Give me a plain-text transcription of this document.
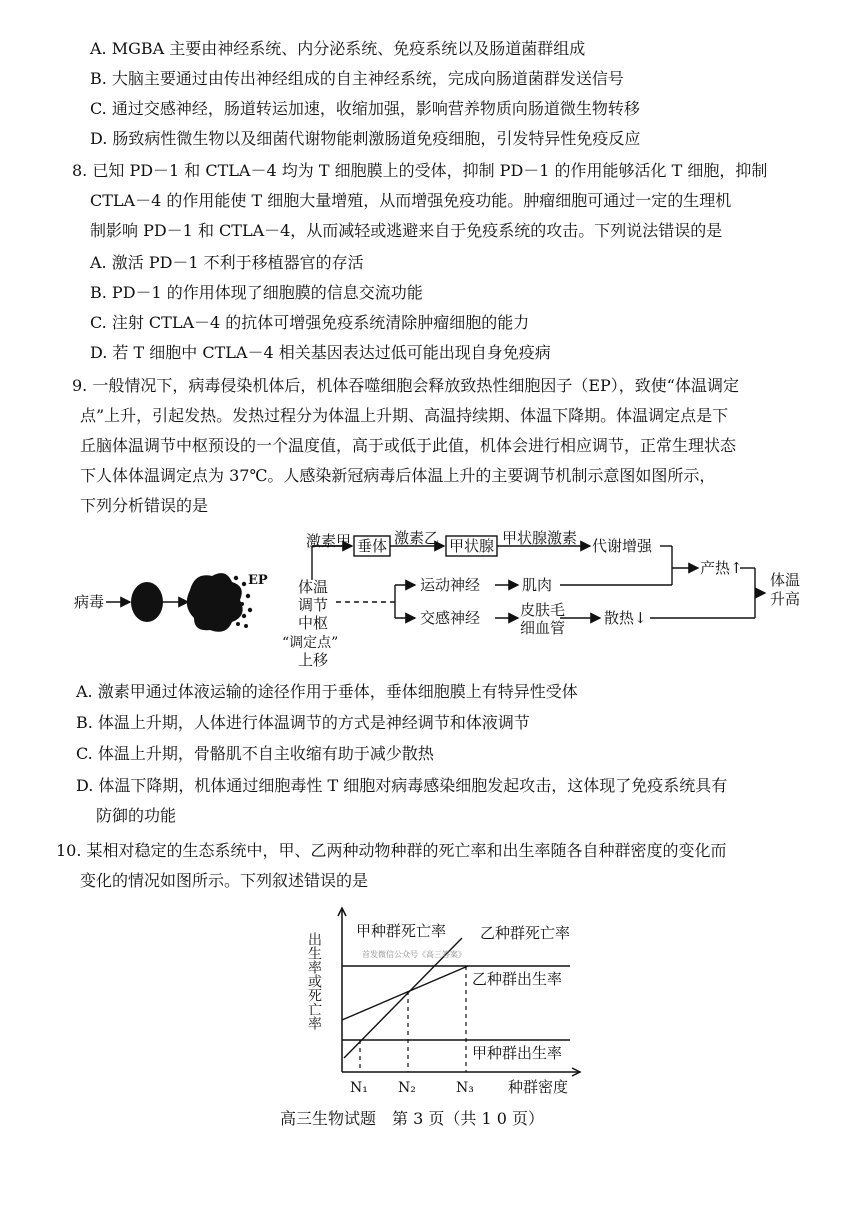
A. MGBA 主要由神经系统、内分泌系统、免疫系统以及肠道菌群组成
B. 大脑主要通过由传出神经组成的自主神经系统，完成向肠道菌群发送信号
C. 通过交感神经，肠道转运加速，收缩加强，影响营养物质向肠道微生物转移
D. 肠致病性微生物以及细菌代谢物能刺激肠道免疫细胞，引发特异性免疫反应
8. 已知 PD－1 和 CTLA－4 均为 T 细胞膜上的受体，抑制 PD－1 的作用能够活化 T 细胞，抑制
CTLA－4 的作用能使 T 细胞大量增殖，从而增强免疫功能。肿瘤细胞可通过一定的生理机
制影响 PD－1 和 CTLA－4，从而减轻或逃避来自于免疫系统的攻击。下列说法错误的是
A. 激活 PD－1 不利于移植器官的存活
B. PD－1 的作用体现了细胞膜的信息交流功能
C. 注射 CTLA－4 的抗体可增强免疫系统清除肿瘤细胞的能力
D. 若 T 细胞中 CTLA－4 相关基因表达过低可能出现自身免疫病
9. 一般情况下，病毒侵染机体后，机体吞噬细胞会释放致热性细胞因子（EP），致使“体温调定
点”上升，引起发热。发热过程分为体温上升期、高温持续期、体温下降期。体温调定点是下
丘脑体温调节中枢预设的一个温度值，高于或低于此值，机体会进行相应调节，正常生理状态
下人体体温调定点为 37℃。人感染新冠病毒后体温上升的主要调节机制示意图如图所示，
下列分析错误的是
病毒
EP 体温
调节
中枢
“调定点”
上移
激素甲 垂体 激素乙 甲状腺 甲状腺激素 代谢增强
运动神经	肌肉
交感神经	皮肤毛
细血管
产热↑
散热↓
体温
升高
A. 激素甲通过体液运输的途径作用于垂体，垂体细胞膜上有特异性受体
B. 体温上升期，人体进行体温调节的方式是神经调节和体液调节
C. 体温上升期，骨骼肌不自主收缩有助于减少散热
D. 体温下降期，机体通过细胞毒性 T 细胞对病毒感染细胞发起攻击，这体现了免疫系统具有
防御的功能
10. 某相对稳定的生态系统中，甲、乙两种动物种群的死亡率和出生率随各自种群密度的变化而
变化的情况如图所示。下列叙述错误的是
出生率或死亡率
甲种群死亡率 乙种群死亡率
乙种群出生率
甲种群出生率
首发微信公众号《高三答案》
N₁ N₂	N₃ 种群密度
高三生物试题　第 3 页（共 1 0 页）
